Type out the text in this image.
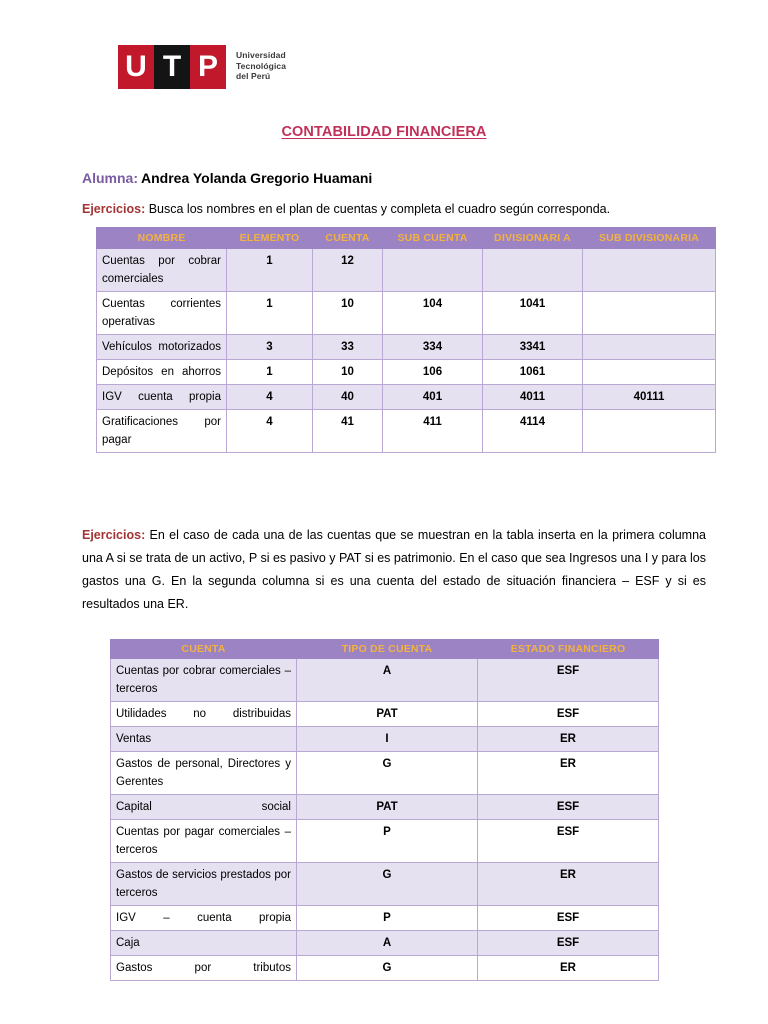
U T P	Universidad
Tecnológica
del Perú
CONTABILIDAD FINANCIERA
Alumna: Andrea Yolanda Gregorio Huamani
Ejercicios: Busca los nombres en el plan de cuentas y completa el cuadro según corresponda.
NOMBRE	ELEMENTO	CUENTA	SUB CUENTA	DIVISIONARI A	SUB DIVISIONARIA
Cuentas por cobrar comerciales	1	12			
Cuentas corrientes operativas	1	10	104	1041	
Vehículos motorizados	3	33	334	3341	
Depósitos en ahorros	1	10	106	1061	
IGV cuenta propia	4	40	401	4011	40111
Gratificaciones por pagar	4	41	411	4114	
Ejercicios: En el caso de cada una de las cuentas que se muestran en la tabla inserta en la primera columna una A si se trata de un activo, P si es pasivo y PAT si es patrimonio. En el caso que sea Ingresos una I y para los gastos una G. En la segunda columna si es una cuenta del estado de situación financiera – ESF y si es resultados una ER.
CUENTA	TIPO DE CUENTA	ESTADO FINANCIERO
Cuentas por cobrar comerciales – terceros	A	ESF
Utilidades no distribuidas	PAT	ESF
Ventas	I	ER
Gastos de personal, Directores y Gerentes	G	ER
Capital social	PAT	ESF
Cuentas por pagar comerciales – terceros	P	ESF
Gastos de servicios prestados por terceros	G	ER
IGV – cuenta propia	P	ESF
Caja	A	ESF
Gastos por tributos	G	ER
